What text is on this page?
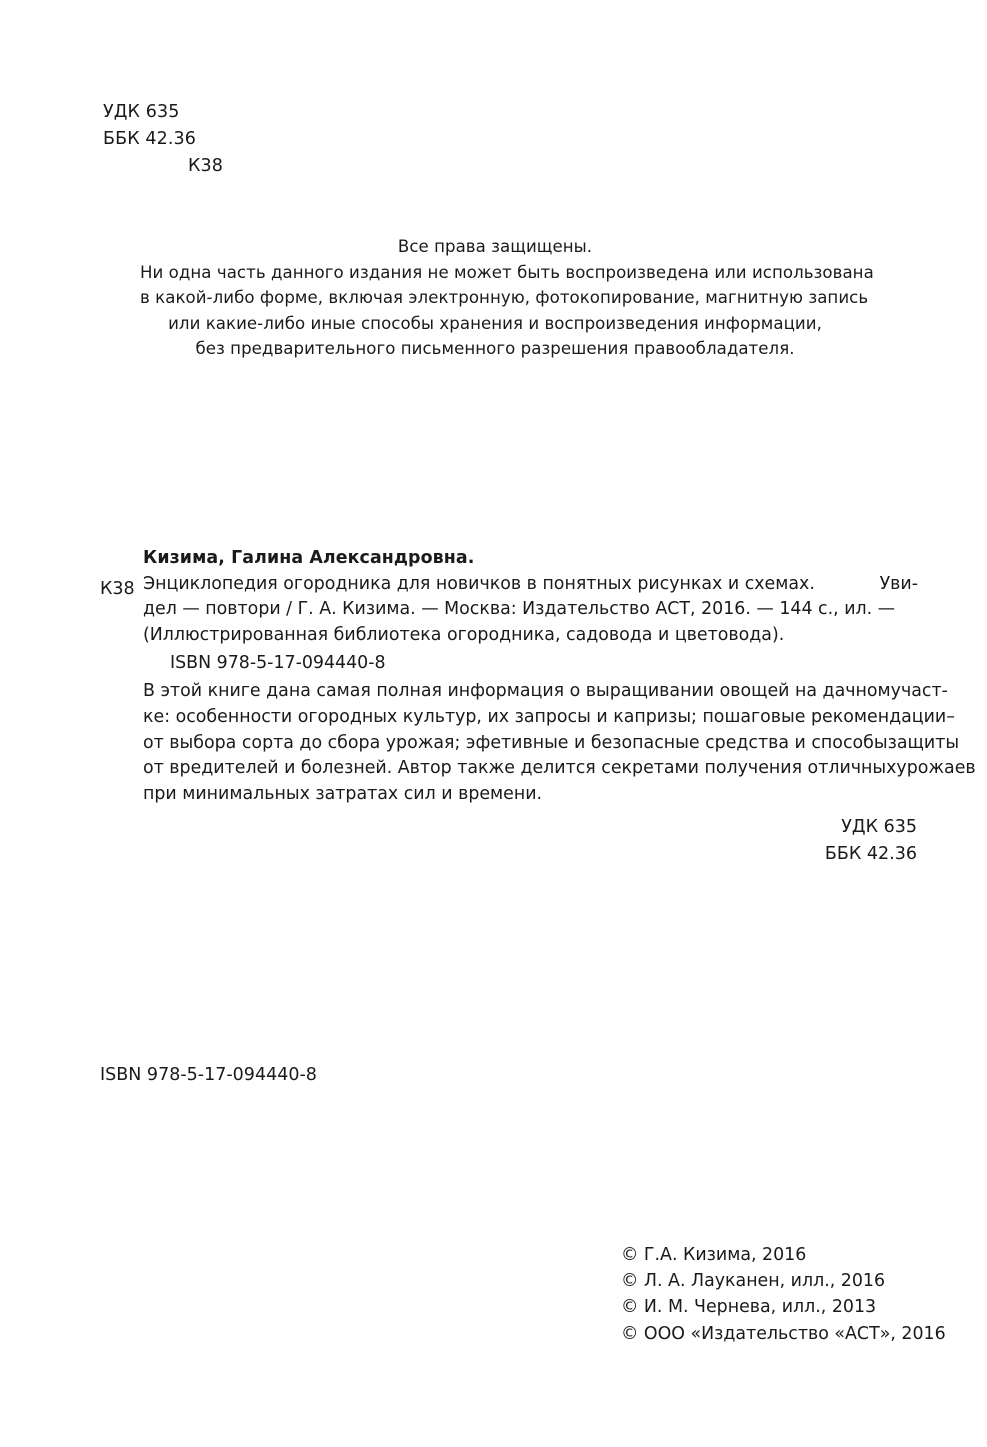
УДК 635
ББК 42.36
К38
Все права защищены.
Ни одна часть данного издания не может быть воспроизведена или использована
в какой-либо форме, включая электронную, фотокопирование, магнитную запись
или какие-либо иные способы хранения и воспроизведения информации,
без предварительного письменного разрешения правообладателя.
К38
Кизима, Галина Александровна.
Энциклопедия огородника для новичков в понятных рисунках и схемах.	Уви-
дел — повтори / Г. А. Кизима. — Москва: Издательство АСТ, 2016. — 144 с., ил. —
(Иллюстрированная библиотека огородника, садовода и цветовода).
ISBN 978-5-17-094440-8
В этой книге дана самая полная информация о выращивании овощей на дачном участ-
ке: особенности огородных культур, их запросы и капризы; пошаговые рекомендации –
от выбора сорта до сбора урожая; эфетивные и безопасные средства и способы защиты
от вредителей и болезней. Автор также делится секретами получения отличных урожаев
при минимальных затратах сил и времени.
УДК 635
ББК 42.36
ISBN 978-5-17-094440-8
© Г.А. Кизима, 2016
© Л. А. Лауканен, илл., 2016
© И. М. Чернева, илл., 2013
© ООО «Издательство «АСТ», 2016
